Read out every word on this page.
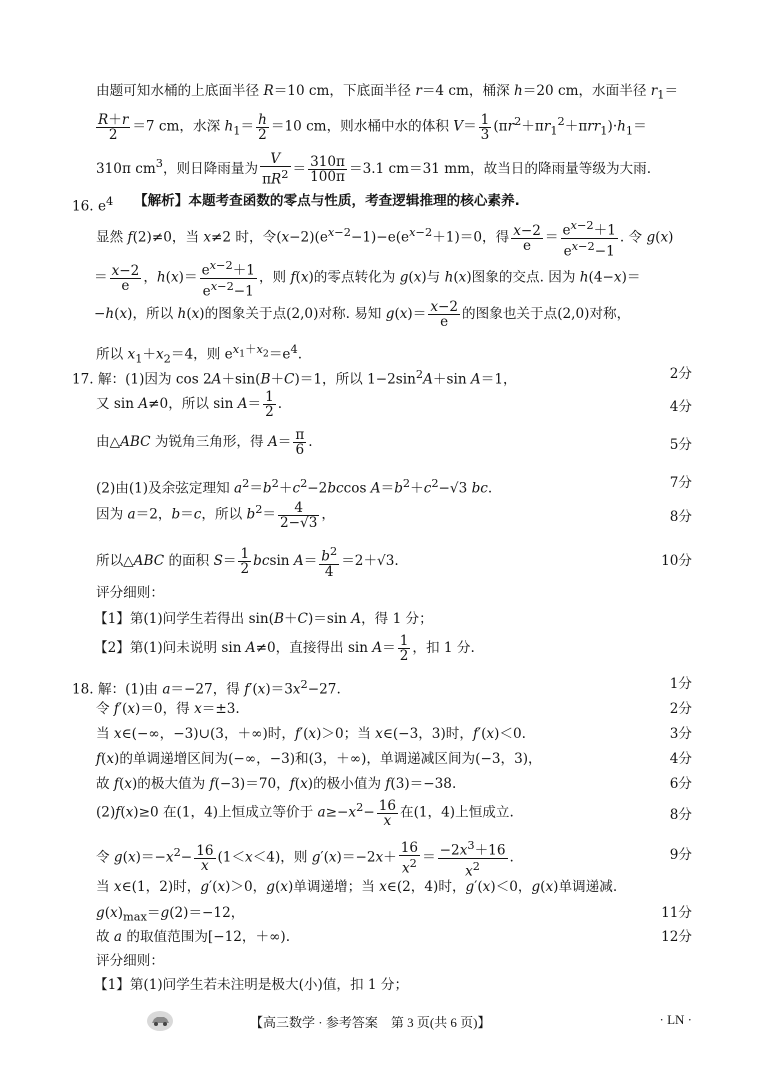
由题可知水桶的上底面半径 R＝10 cm，下底面半径 r＝4 cm，桶深 h＝20 cm，水面半径 $r_1=$
$\frac{R+r}{2} =7$ cm，水深 $h_1= \frac{h}{2} =10$ cm，则水桶中水的体积 $V= \frac{1}{3} (\pi r^2+\pi r_1^2+\pi rr_1)\cdot h_1=$
310π $cm^3$，则日降雨量为 $\frac{V}{\pi R^2} = \frac{310\pi}{100\pi} =3.1$ cm＝31 mm，故当日的降雨量等级为大雨.
16. $e^4$ 【解析】本题考查函数的零点与性质，考查逻辑推理的核心素养.
显然 f(2)≠0，当 x≠2 时，令$(x-2)(e^{x-2}-1)-e(e^{x-2}+1)=0$，得 $\frac{x-2}{e} = \frac{e^{x-2}+1}{e^{x-2}-1}$ . 令 g(x)
＝ $\frac{x-2}{e}$ ，$h(x)= \frac{e^{x-2}+1}{e^{x-2}-1}$ ，则 f(x)的零点转化为 g(x)与 h(x)图象的交点. 因为 h(4−x)＝
−h(x)，所以 h(x)的图象关于点(2,0)对称. 易知 $g(x)= \frac{x-2}{e}$ 的图象也关于点(2,0)对称，
所以 $x_1+x_2=4$，则 $e^{x_1+x_2}=e^4$.
17. 解：(1)因为 cos 2A＋sin(B＋C)＝1，所以 $1-2\sin^2A+\sin$ A＝1，	2分
又 sin A≠0，所以 $\sin A= \frac{1}{2}$ .	4分
由△ABC 为锐角三角形，得 $A= \frac{\pi}{6}$ .	5分
(2)由(1)及余弦定理知 $a^2=b^2+c^2-2bccos$ $A=b^2+c^2-√3$ bc.	7分
因为 a＝2，b＝c，所以 $b^2= \frac{4}{2-√3}$ ，	8分
所以△ABC 的面积 $S= \frac{1}{2}$ bcsin $A= \frac{b^2}{4} =2+√3$.	10分
评分细则：
【1】第(1)问学生若得出 sin(B＋C)＝sin A，得 1 分；
【2】第(1)问未说明 sin A≠0，直接得出 $\sin A= \frac{1}{2}$ ，扣 1 分.
18. 解：(1)由 a＝−27，得 $f'(x)=3x^2-27$.	1分
令 f′(x)＝0，得 x＝±3.	2分
当 x∈(−∞，−3)∪(3，＋∞)时，f′(x)＞0；当 x∈(−3，3)时，f′(x)＜0.	3分
f(x)的单调递增区间为(−∞，−3)和(3，＋∞)，单调递减区间为(−3，3)，	4分
故 f(x)的极大值为 f(−3)＝70，f(x)的极小值为 f(3)＝−38.	6分
(2)f(x)≥0 在(1，4)上恒成立等价于 $a\ge-x^2- \frac{16}{x}$ 在(1，4)上恒成立.	8分
令 $g(x)=-x^2- \frac{16}{x} (1<x<4)$，则 $g'(x)=-2x+ \frac{16}{x^2} = \frac{-2x^3+16}{x^2}$ .	9分
当 x∈(1，2)时，g′(x)＞0，g(x)单调递增；当 x∈(2，4)时，g′(x)＜0，g(x)单调递减.
$g(x)_{max}=g(2)=-12$，	11分
故 a 的取值范围为[−12，＋∞).	12分
评分细则：
【1】第(1)问学生若未注明是极大(小)值，扣 1 分；
【高三数学 · 参考答案　第 3 页(共 6 页)】	· LN ·
